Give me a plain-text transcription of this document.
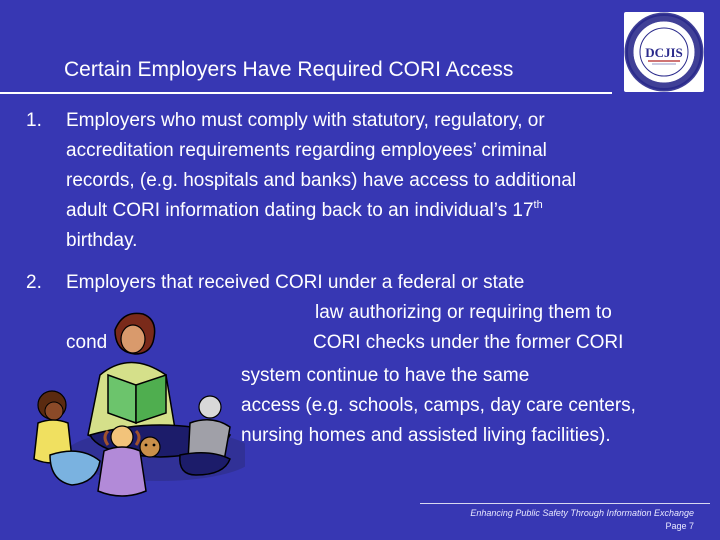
Certain Employers Have Required CORI Access
DCJIS
1. Employers who must comply with statutory, regulatory, or
accreditation requirements regarding employees’ criminal
records, (e.g. hospitals and banks) have access to additional
adult CORI information dating back to an individual’s 17th
birthday.
2. Employers that received CORI under a federal or state
law authorizing or requiring them to
cond	CORI checks under the former CORI
system continue to have the same
access (e.g. schools, camps, day care centers,
nursing homes and assisted living facilities).
Enhancing Public Safety Through Information Exchange
Page 7
